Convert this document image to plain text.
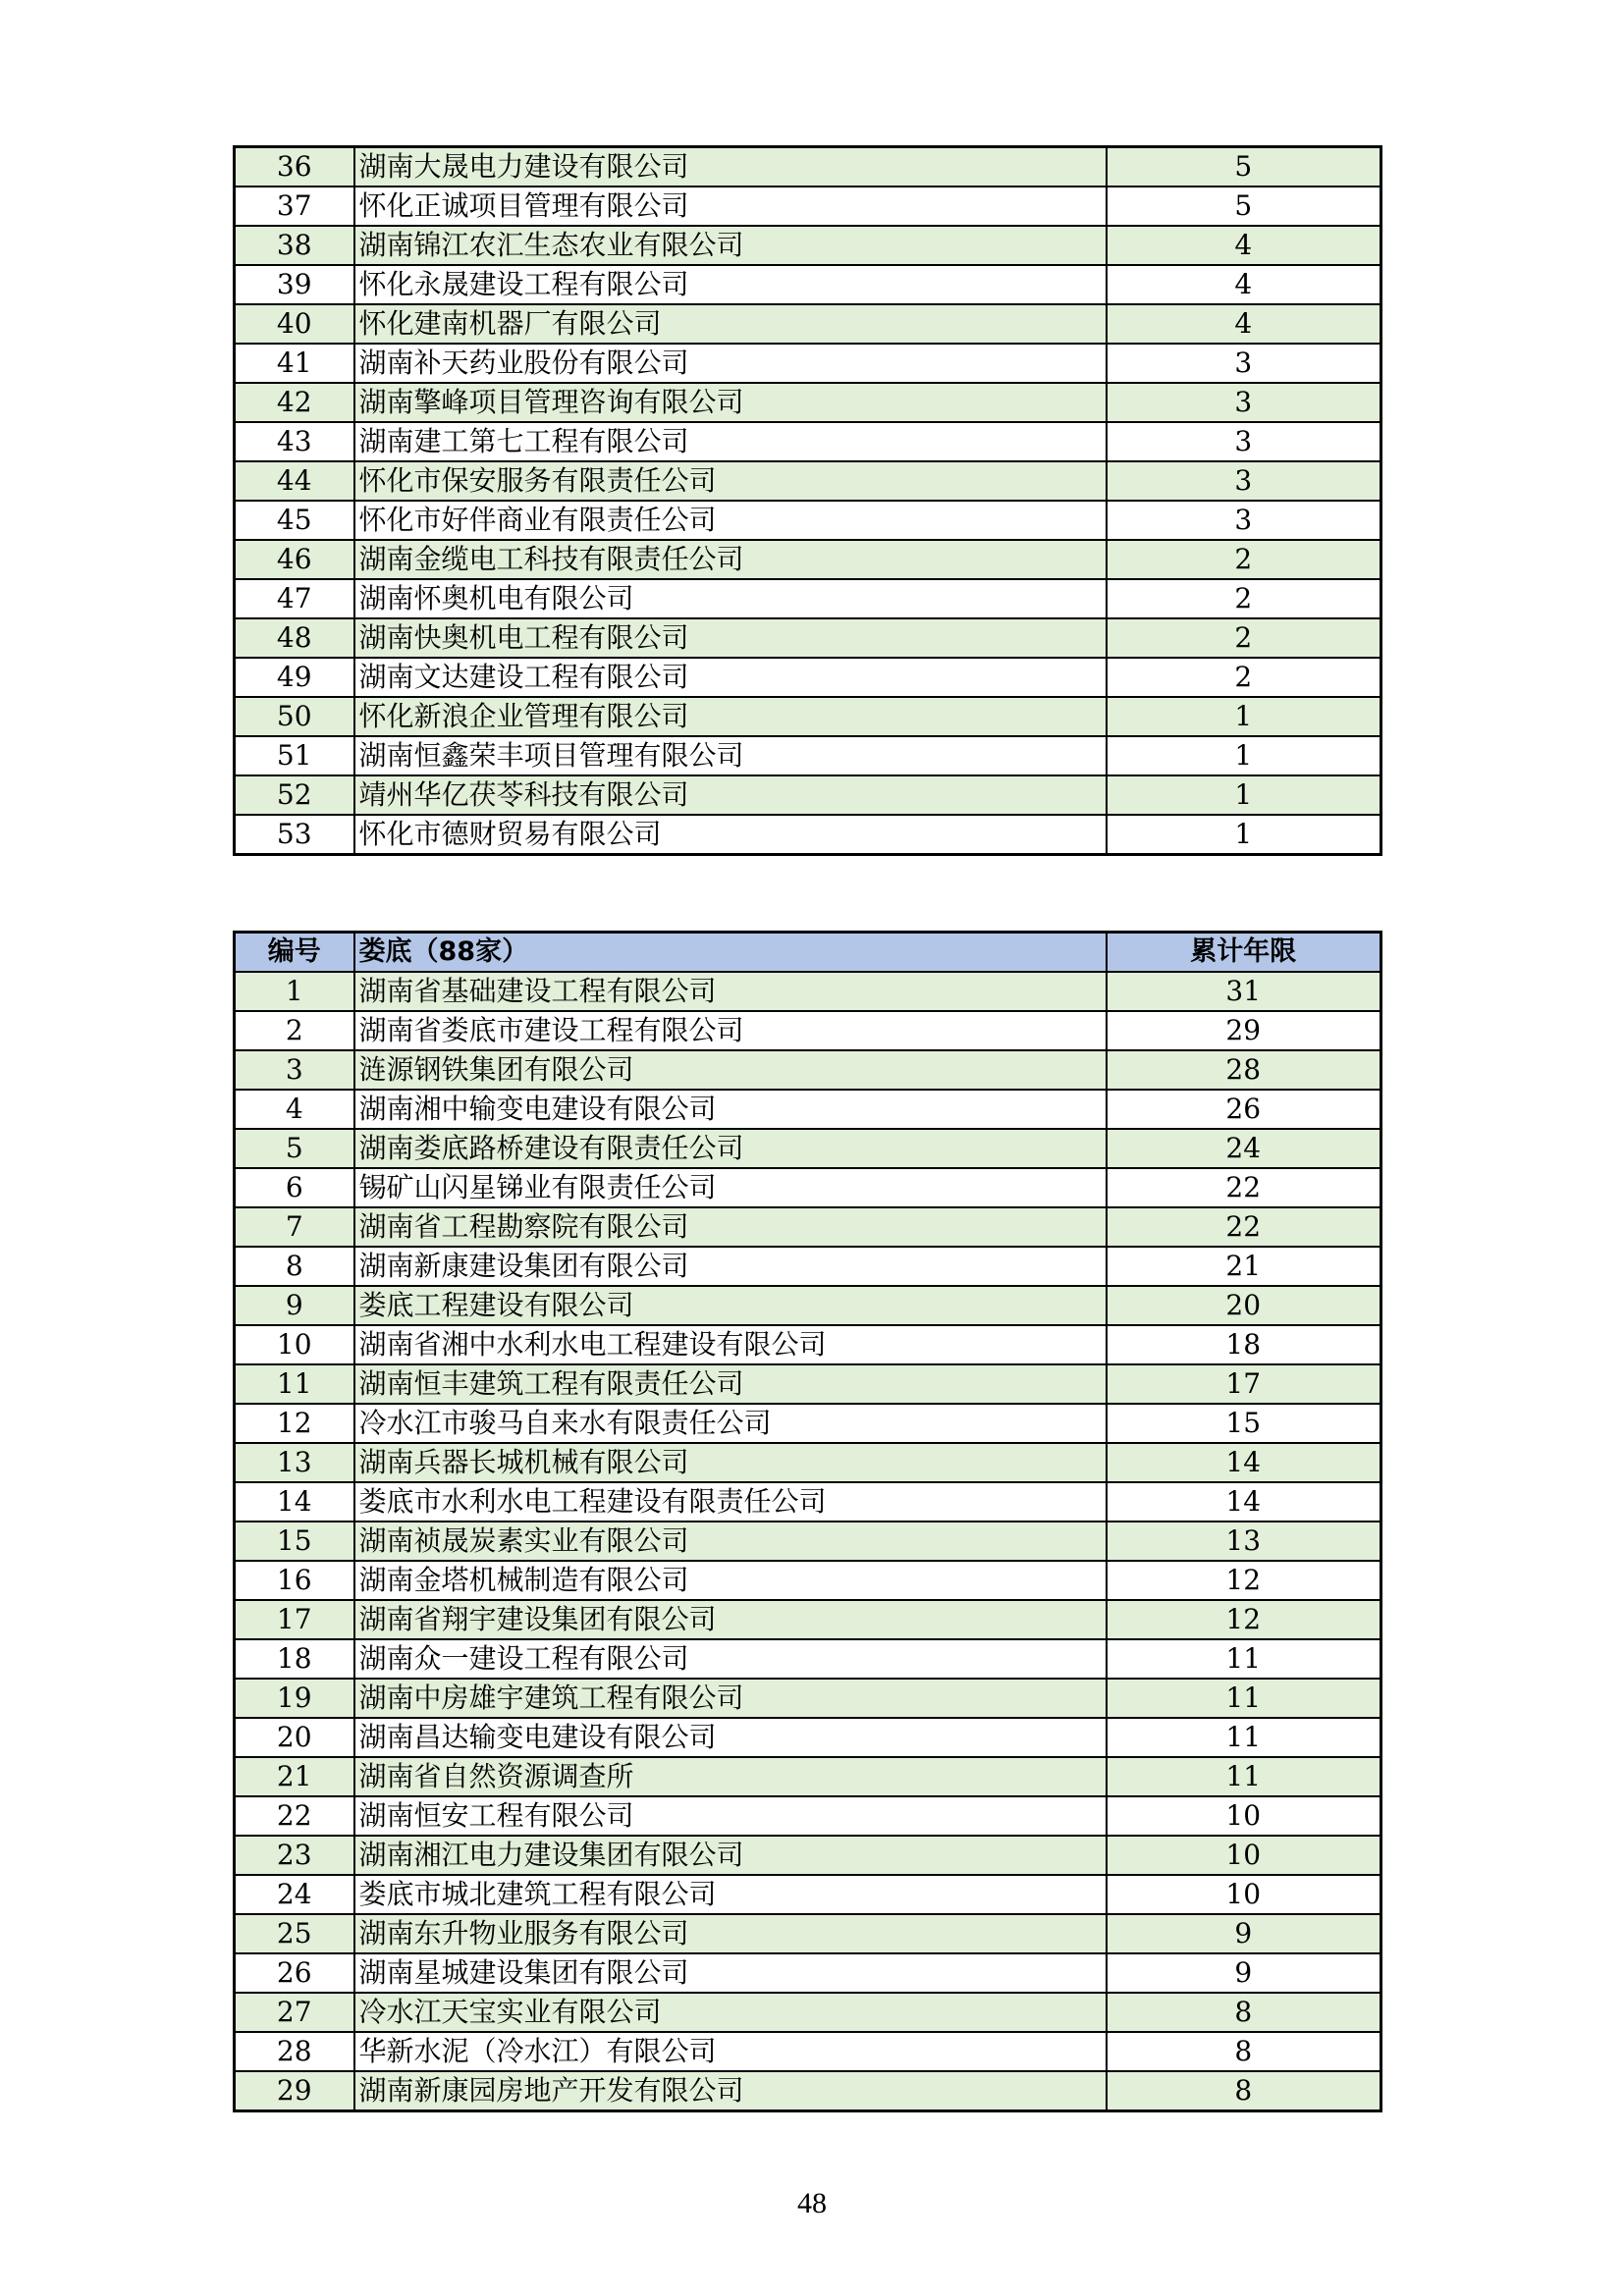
36	湖南大晟电力建设有限公司	5
37	怀化正诚项目管理有限公司	5
38	湖南锦江农汇生态农业有限公司	4
39	怀化永晟建设工程有限公司	4
40	怀化建南机器厂有限公司	4
41	湖南补天药业股份有限公司	3
42	湖南擎峰项目管理咨询有限公司	3
43	湖南建工第七工程有限公司	3
44	怀化市保安服务有限责任公司	3
45	怀化市好伴商业有限责任公司	3
46	湖南金缆电工科技有限责任公司	2
47	湖南怀奥机电有限公司	2
48	湖南快奥机电工程有限公司	2
49	湖南文达建设工程有限公司	2
50	怀化新浪企业管理有限公司	1
51	湖南恒鑫荣丰项目管理有限公司	1
52	靖州华亿茯苓科技有限公司	1
53	怀化市德财贸易有限公司	1
编号	娄底（88家）	累计年限
1	湖南省基础建设工程有限公司	31
2	湖南省娄底市建设工程有限公司	29
3	涟源钢铁集团有限公司	28
4	湖南湘中输变电建设有限公司	26
5	湖南娄底路桥建设有限责任公司	24
6	锡矿山闪星锑业有限责任公司	22
7	湖南省工程勘察院有限公司	22
8	湖南新康建设集团有限公司	21
9	娄底工程建设有限公司	20
10	湖南省湘中水利水电工程建设有限公司	18
11	湖南恒丰建筑工程有限责任公司	17
12	冷水江市骏马自来水有限责任公司	15
13	湖南兵器长城机械有限公司	14
14	娄底市水利水电工程建设有限责任公司	14
15	湖南祯晟炭素实业有限公司	13
16	湖南金塔机械制造有限公司	12
17	湖南省翔宇建设集团有限公司	12
18	湖南众一建设工程有限公司	11
19	湖南中房雄宇建筑工程有限公司	11
20	湖南昌达输变电建设有限公司	11
21	湖南省自然资源调查所	11
22	湖南恒安工程有限公司	10
23	湖南湘江电力建设集团有限公司	10
24	娄底市城北建筑工程有限公司	10
25	湖南东升物业服务有限公司	9
26	湖南星城建设集团有限公司	9
27	冷水江天宝实业有限公司	8
28	华新水泥（冷水江）有限公司	8
29	湖南新康园房地产开发有限公司	8
48
